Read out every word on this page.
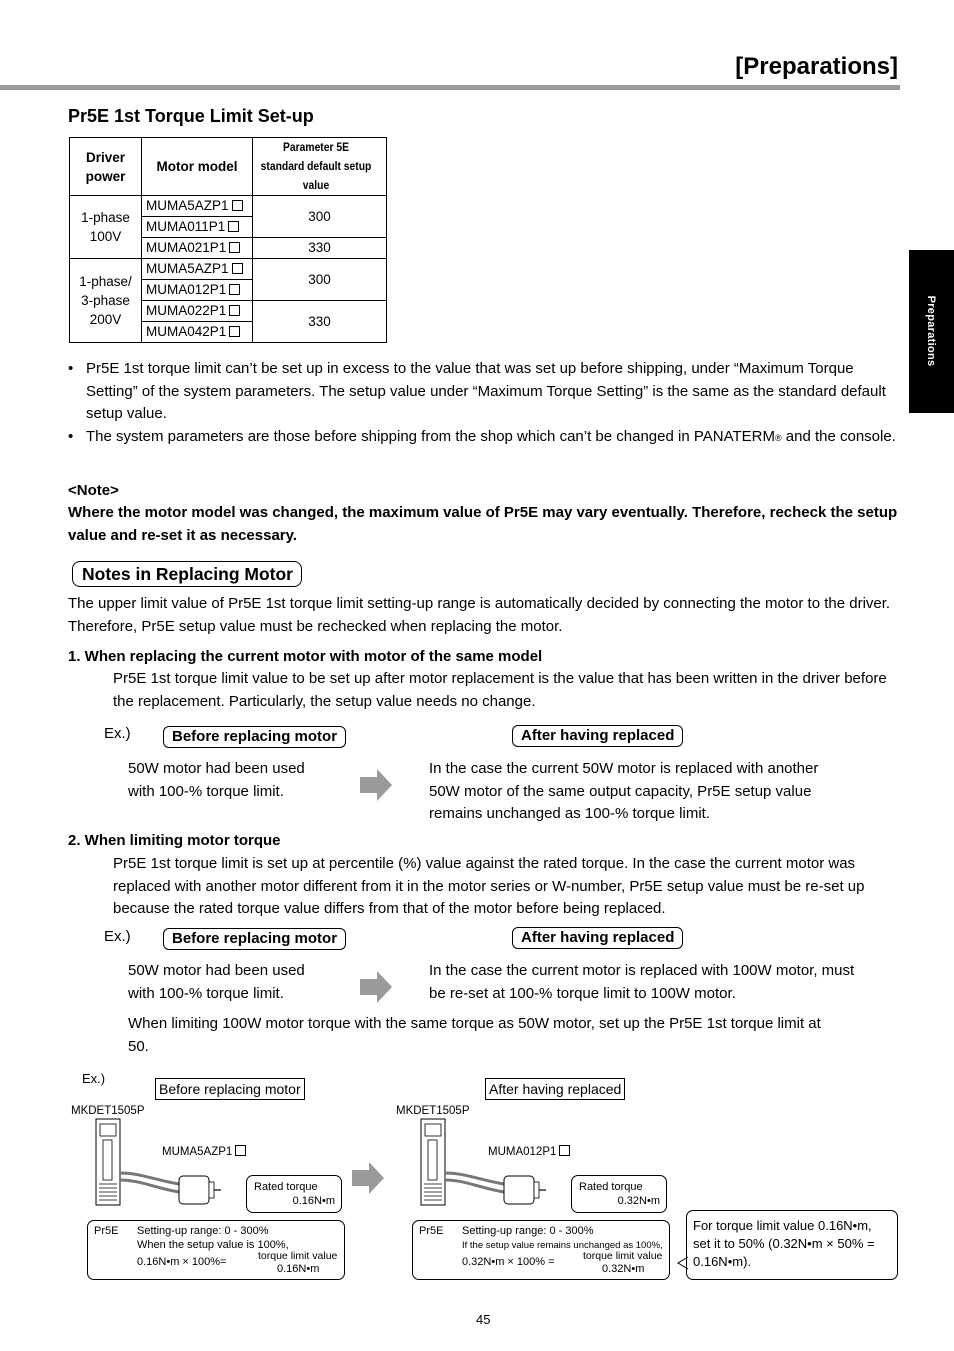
[Preparations]
Preparations
Pr5E 1st Torque Limit Set-up
Driver power	Motor model	Parameter 5E standard default setup value

1-phase 100V	MUMA5AZP1	300
	MUMA011P1	
	MUMA021P1	330

1-phase/ 3-phase 200V	MUMA5AZP1	300
	MUMA012P1	
	MUMA022P1	330
	MUMA042P1	
• Pr5E 1st torque limit can’t be set up in excess to the value that was set up before shipping, under “Maximum Torque Setting” of the system parameters. The setup value under “Maximum Torque Setting” is the same as the standard default setup value.
• The system parameters are those before shipping from the shop which can’t be changed in PANATERM® and the console.
<Note>
Where the motor model was changed, the maximum value of Pr5E may vary eventually. Therefore, recheck the setup value and re-set it as necessary.
Notes in Replacing Motor
The upper limit value of Pr5E 1st torque limit setting-up range is automatically decided by connecting the motor to the driver. Therefore, Pr5E setup value must be rechecked when replacing the motor.
1. When replacing the current motor with motor of the same model
Pr5E 1st torque limit value to be set up after motor replacement is the value that has been written in the driver before the replacement. Particularly, the setup value needs no change.
Ex.)	Before replacing motor	After having replaced
50W motor had been used with 100-% torque limit.
In the case the current 50W motor is replaced with another 50W motor of the same output capacity, Pr5E setup value remains unchanged as 100-% torque limit.
2. When limiting motor torque
Pr5E 1st torque limit is set up at percentile (%) value against the rated torque. In the case the current motor was replaced with another motor different from it in the motor series or W-number, Pr5E setup value must be re-set up because the rated torque value differs from that of the motor before being replaced.
Ex.)	Before replacing motor	After having replaced
50W motor had been used with 100-% torque limit.
In the case the current motor is replaced with 100W motor, must be re-set at 100-% torque limit to 100W motor.
When limiting 100W motor torque with the same torque as 50W motor, set up the Pr5E 1st torque limit at 50.
Ex.)
Before replacing motor	After having replaced
MKDET1505P
MUMA5AZP1
Rated torque
0.16N•m
Pr5E Setting-up range: 0 - 300%
When the setup value is 100%,
0.16N•m × 100%=	torque limit value
0.16N•m
MKDET1505P
MUMA012P1
Rated torque
0.32N•m
Pr5E Setting-up range: 0 - 300%
If the setup value remains unchanged as 100%,
0.32N•m × 100% =	torque limit value
0.32N•m
For torque limit value 0.16N•m, set it to 50% (0.32N•m × 50% = 0.16N•m).
45
